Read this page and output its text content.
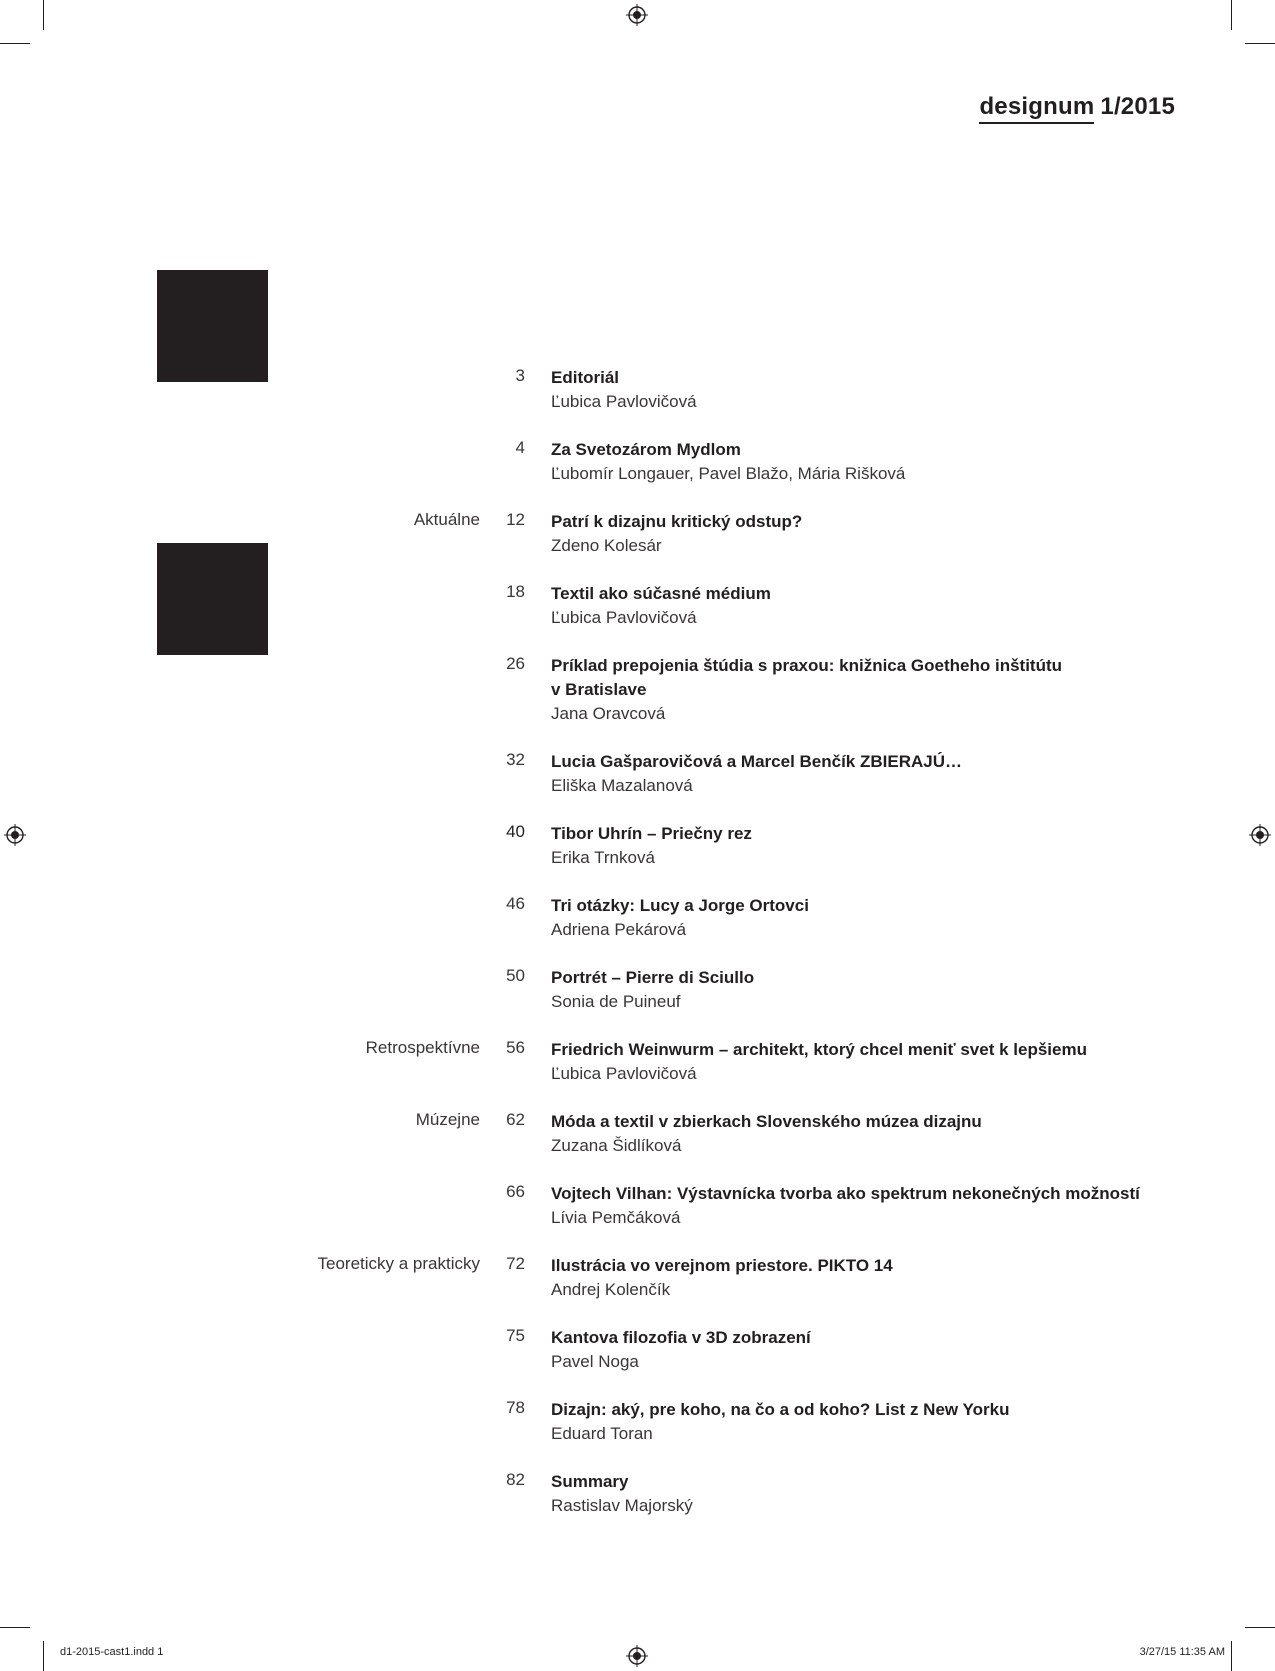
designum 1/2015
3 Editoriál
Ľubica Pavlovičová
4 Za Svetozárom Mydlom
Ľubomír Longauer, Pavel Blažo, Mária Rišková
Aktuálne	12 Patrí k dizajnu kritický odstup?
Zdeno Kolesár
18 Textil ako súčasné médium
Ľubica Pavlovičová
26 Príklad prepojenia štúdia s praxou: knižnica Goetheho inštitútu
v Bratislave
Jana Oravcová
32 Lucia Gašparovičová a Marcel Benčík ZBIERAJÚ…
Eliška Mazalanová
40 Tibor Uhrín – Priečny rez
Erika Trnková
46 Tri otázky: Lucy a Jorge Ortovci
Adriena Pekárová
50 Portrét – Pierre di Sciullo
Sonia de Puineuf
Retrospektívne	56 Friedrich Weinwurm – architekt, ktorý chcel meniť svet k lepšiemu
Ľubica Pavlovičová
Múzejne	62 Móda a textil v zbierkach Slovenského múzea dizajnu
Zuzana Šidlíková
66 Vojtech Vilhan: Výstavnícka tvorba ako spektrum nekonečných možností
Lívia Pemčáková
Teoreticky a prakticky	72 Ilustrácia vo verejnom priestore. PIKTO 14
Andrej Kolenčík
75 Kantova filozofia v 3D zobrazení
Pavel Noga
78 Dizajn: aký, pre koho, na čo a od koho? List z New Yorku
Eduard Toran
82 Summary
Rastislav Majorský
d1-2015-cast1.indd 1	3/27/15 11:35 AM
